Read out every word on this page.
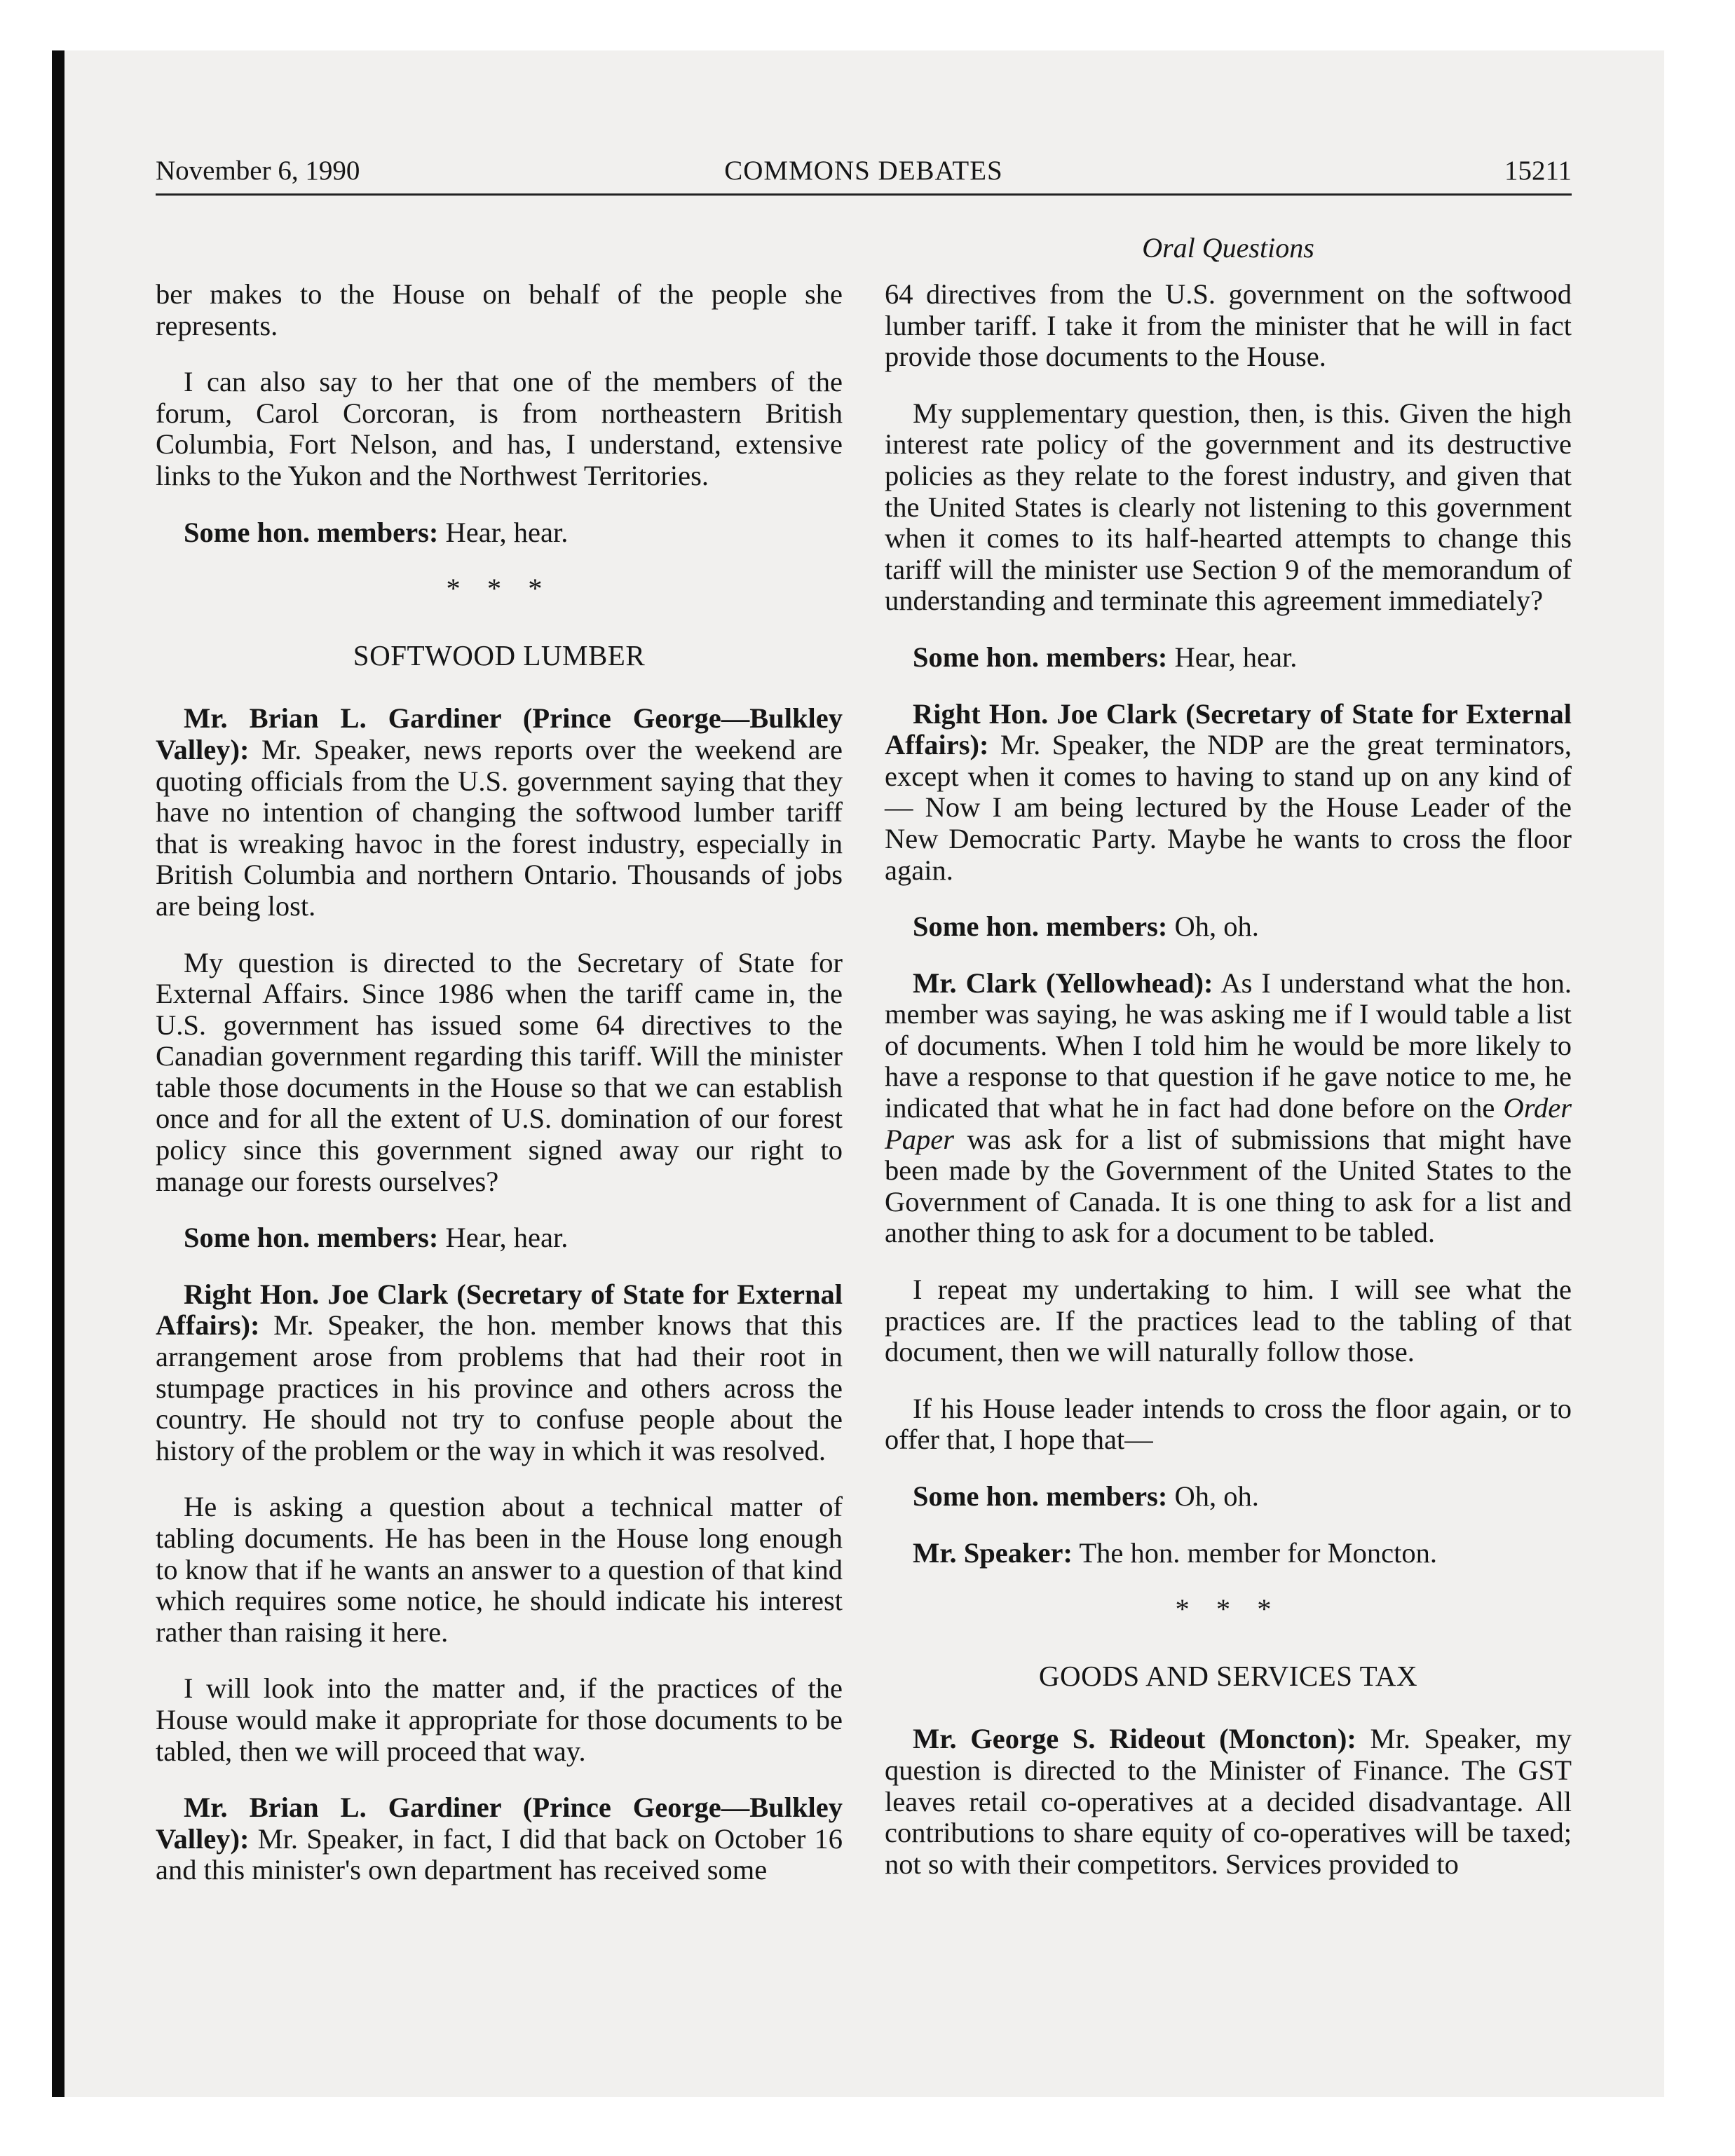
November 6, 1990	COMMONS DEBATES	15211
Oral Questions

ber makes to the House on behalf of the people she represents.

I can also say to her that one of the members of the forum, Carol Corcoran, is from northeastern British Columbia, Fort Nelson, and has, I understand, extensive links to the Yukon and the Northwest Territories.

Some hon. members: Hear, hear.

* * *

SOFTWOOD LUMBER

Mr. Brian L. Gardiner (Prince George—Bulkley Valley): Mr. Speaker, news reports over the weekend are quoting officials from the U.S. government saying that they have no intention of changing the softwood lumber tariff that is wreaking havoc in the forest industry, especially in British Columbia and northern Ontario. Thousands of jobs are being lost.

My question is directed to the Secretary of State for External Affairs. Since 1986 when the tariff came in, the U.S. government has issued some 64 directives to the Canadian government regarding this tariff. Will the minister table those documents in the House so that we can establish once and for all the extent of U.S. domination of our forest policy since this government signed away our right to manage our forests ourselves?

Some hon. members: Hear, hear.

Right Hon. Joe Clark (Secretary of State for External Affairs): Mr. Speaker, the hon. member knows that this arrangement arose from problems that had their root in stumpage practices in his province and others across the country. He should not try to confuse people about the history of the problem or the way in which it was resolved.

He is asking a question about a technical matter of tabling documents. He has been in the House long enough to know that if he wants an answer to a question of that kind which requires some notice, he should indicate his interest rather than raising it here.

I will look into the matter and, if the practices of the House would make it appropriate for those documents to be tabled, then we will proceed that way.

Mr. Brian L. Gardiner (Prince George—Bulkley Valley): Mr. Speaker, in fact, I did that back on October 16 and this minister's own department has received some

64 directives from the U.S. government on the softwood lumber tariff. I take it from the minister that he will in fact provide those documents to the House.

My supplementary question, then, is this. Given the high interest rate policy of the government and its destructive policies as they relate to the forest industry, and given that the United States is clearly not listening to this government when it comes to its half-hearted attempts to change this tariff will the minister use Section 9 of the memorandum of understanding and terminate this agreement immediately?

Some hon. members: Hear, hear.

Right Hon. Joe Clark (Secretary of State for External Affairs): Mr. Speaker, the NDP are the great terminators, except when it comes to having to stand up on any kind of— Now I am being lectured by the House Leader of the New Democratic Party. Maybe he wants to cross the floor again.

Some hon. members: Oh, oh.

Mr. Clark (Yellowhead): As I understand what the hon. member was saying, he was asking me if I would table a list of documents. When I told him he would be more likely to have a response to that question if he gave notice to me, he indicated that what he in fact had done before on the Order Paper was ask for a list of submissions that might have been made by the Government of the United States to the Government of Canada. It is one thing to ask for a list and another thing to ask for a document to be tabled.

I repeat my undertaking to him. I will see what the practices are. If the practices lead to the tabling of that document, then we will naturally follow those.

If his House leader intends to cross the floor again, or to offer that, I hope that—

Some hon. members: Oh, oh.

Mr. Speaker: The hon. member for Moncton.

* * *

GOODS AND SERVICES TAX

Mr. George S. Rideout (Moncton): Mr. Speaker, my question is directed to the Minister of Finance. The GST leaves retail co-operatives at a decided disadvantage. All contributions to share equity of co-operatives will be taxed; not so with their competitors. Services provided to
